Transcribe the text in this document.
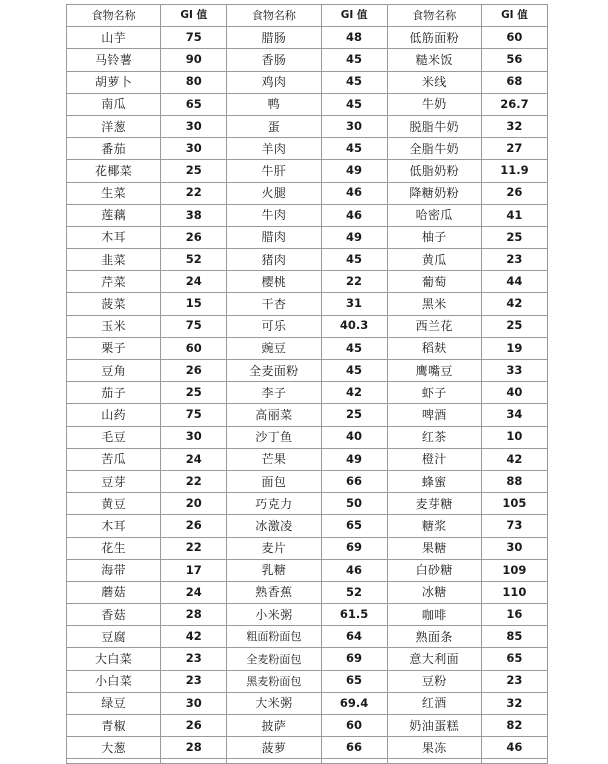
食物名称	GI 值	食物名称	GI 值	食物名称	GI 值
山芋	75	腊肠	48	低筋面粉	60
马铃薯	90	香肠	45	糙米饭	56
胡萝卜	80	鸡肉	45	米线	68
南瓜	65	鸭	45	牛奶	26.7
洋葱	30	蛋	30	脱脂牛奶	32
番茄	30	羊肉	45	全脂牛奶	27
花椰菜	25	牛肝	49	低脂奶粉	11.9
生菜	22	火腿	46	降糖奶粉	26
莲藕	38	牛肉	46	哈密瓜	41
木耳	26	腊肉	49	柚子	25
韭菜	52	猪肉	45	黄瓜	23
芹菜	24	樱桃	22	葡萄	44
菠菜	15	干杏	31	黑米	42
玉米	75	可乐	40.3	西兰花	25
栗子	60	豌豆	45	稻麸	19
豆角	26	全麦面粉	45	鹰嘴豆	33
茄子	25	李子	42	虾子	40
山药	75	高丽菜	25	啤酒	34
毛豆	30	沙丁鱼	40	红茶	10
苦瓜	24	芒果	49	橙汁	42
豆芽	22	面包	66	蜂蜜	88
黄豆	20	巧克力	50	麦芽糖	105
木耳	26	冰激凌	65	糖浆	73
花生	22	麦片	69	果糖	30
海带	17	乳糖	46	白砂糖	109
蘑菇	24	熟香蕉	52	冰糖	110
香菇	28	小米粥	61.5	咖啡	16
豆腐	42	粗面粉面包	64	熟面条	85
大白菜	23	全麦粉面包	69	意大利面	65
小白菜	23	黑麦粉面包	65	豆粉	23
绿豆	30	大米粥	69.4	红酒	32
青椒	26	披萨	60	奶油蛋糕	82
大葱	28	菠萝	66	果冻	46
